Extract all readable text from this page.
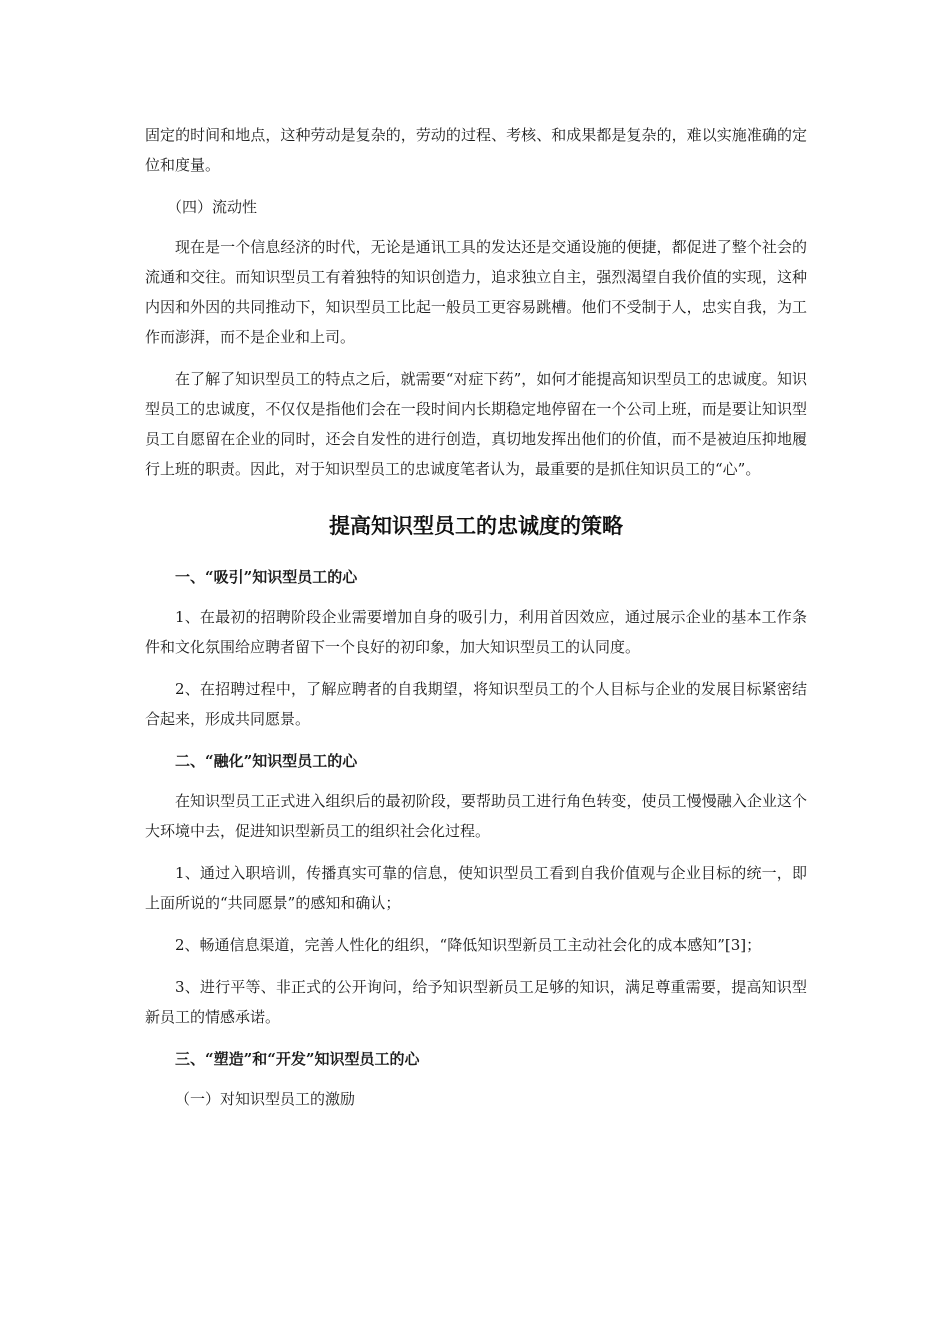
固定的时间和地点，这种劳动是复杂的，劳动的过程、考核、和成果都是复杂的，难以实施准确的定位和度量。

（四）流动性

现在是一个信息经济的时代，无论是通讯工具的发达还是交通设施的便捷，都促进了整个社会的流通和交往。而知识型员工有着独特的知识创造力，追求独立自主，强烈渴望自我价值的实现，这种内因和外因的共同推动下，知识型员工比起一般员工更容易跳槽。他们不受制于人，忠实自我，为工作而澎湃，而不是企业和上司。

在了解了知识型员工的特点之后，就需要“对症下药”，如何才能提高知识型员工的忠诚度。知识型员工的忠诚度，不仅仅是指他们会在一段时间内长期稳定地停留在一个公司上班，而是要让知识型员工自愿留在企业的同时，还会自发性的进行创造，真切地发挥出他们的价值，而不是被迫压抑地履行上班的职责。因此，对于知识型员工的忠诚度笔者认为，最重要的是抓住知识员工的“心”。

提高知识型员工的忠诚度的策略

一、“吸引”知识型员工的心

1、在最初的招聘阶段企业需要增加自身的吸引力，利用首因效应，通过展示企业的基本工作条件和文化氛围给应聘者留下一个良好的初印象，加大知识型员工的认同度。

2、在招聘过程中，了解应聘者的自我期望，将知识型员工的个人目标与企业的发展目标紧密结合起来，形成共同愿景。

二、“融化”知识型员工的心

在知识型员工正式进入组织后的最初阶段，要帮助员工进行角色转变，使员工慢慢融入企业这个大环境中去，促进知识型新员工的组织社会化过程。

1、通过入职培训，传播真实可靠的信息，使知识型员工看到自我价值观与企业目标的统一，即上面所说的“共同愿景”的感知和确认；

2、畅通信息渠道，完善人性化的组织，“降低知识型新员工主动社会化的成本感知”[3]；

3、进行平等、非正式的公开询问，给予知识型新员工足够的知识，满足尊重需要，提高知识型新员工的情感承诺。

三、“塑造”和“开发”知识型员工的心

（一）对知识型员工的激励
